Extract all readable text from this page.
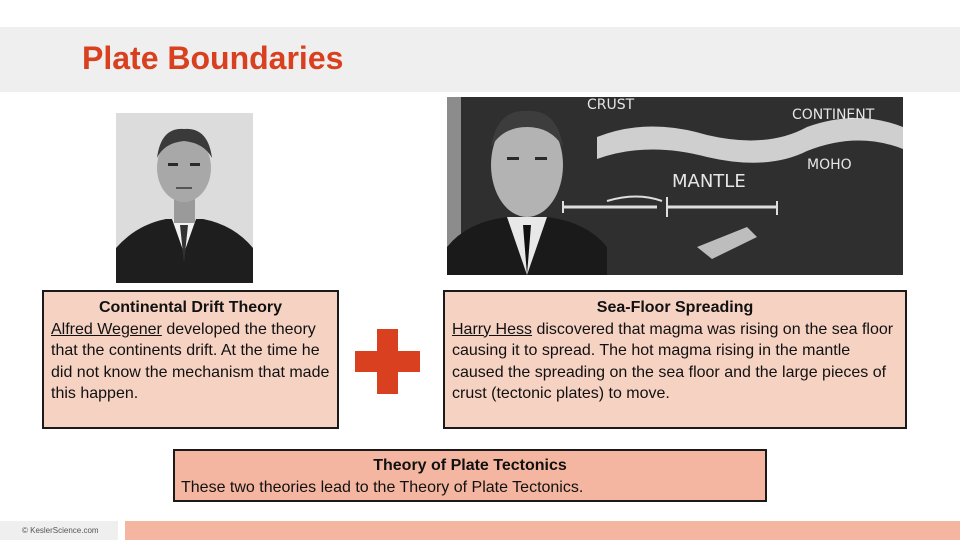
Plate Boundaries
CRUST
CONTINENT
MOHO
MANTLE
Continental Drift Theory
Alfred Wegener developed the theory that the continents drift. At the time he did not know the mechanism that made this happen.
Sea-Floor Spreading
Harry Hess discovered that magma was rising on the sea floor causing it to spread. The hot magma rising in the mantle caused the spreading on the sea floor and the large pieces of crust (tectonic plates) to move.
Theory of Plate Tectonics
These two theories lead to the Theory of Plate Tectonics.
© KeslerScience.com
